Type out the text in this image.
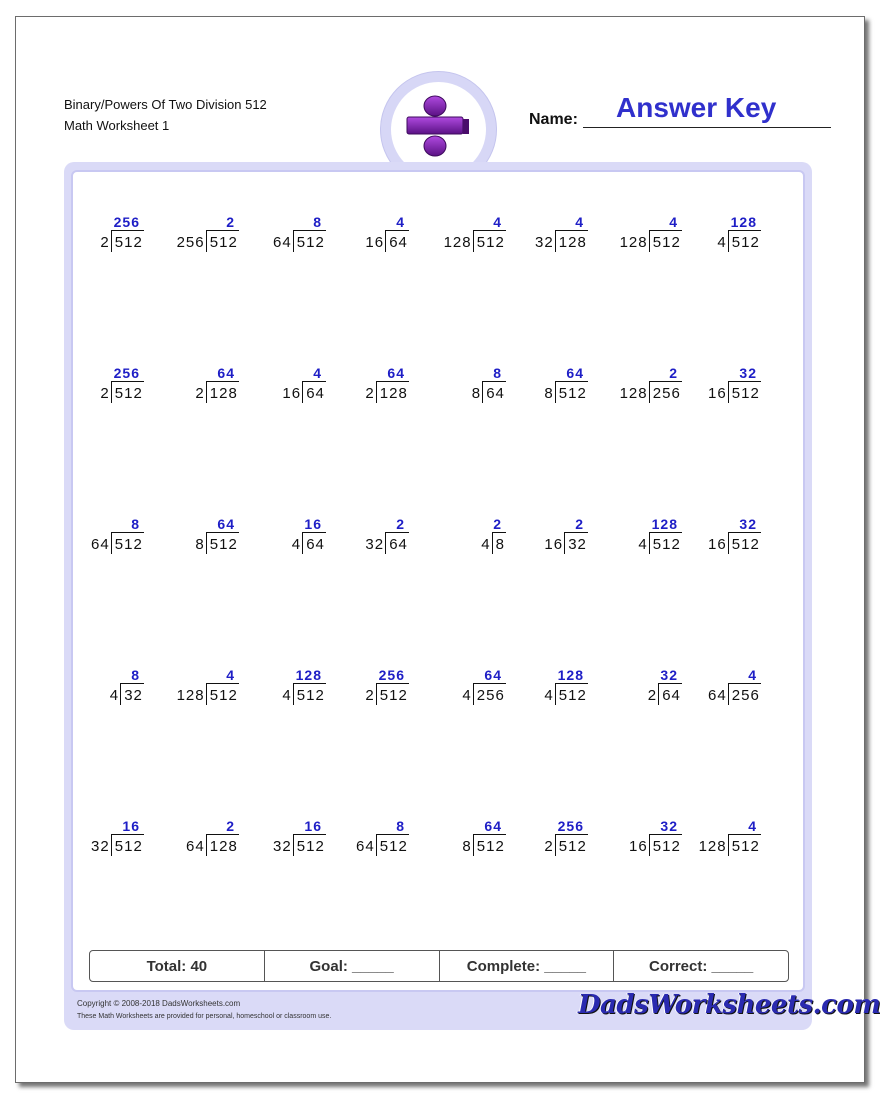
Binary/Powers Of Two Division 512
Math Worksheet 1	Name: Answer Key
256
2 512
2
256 512
8
64 512
4
16 64
4
128 512
4
32 128
4
128 512
128
4 512
256
2 512
64
2 128
4
16 64
64
2 128
8
8 64
64
8 512
2
128 256
32
16 512
8
64 512
64
8 512
16
4 64
2
32 64
2
4 8
2
16 32
128
4 512
32
16 512
8
4 32
4
128 512
128
4 512
256
2 512
64
4 256
128
4 512
32
2 64
4
64 256
16
32 512
2
64 128
16
32 512
8
64 512
64
8 512
256
2 512
32
16 512
4
128 512
Total: 40	Goal: _____	Complete: _____	Correct: _____
Copyright © 2008-2018 DadsWorksheets.com
These Math Worksheets are provided for personal, homeschool or classroom use.	DadsWorksheets.com
